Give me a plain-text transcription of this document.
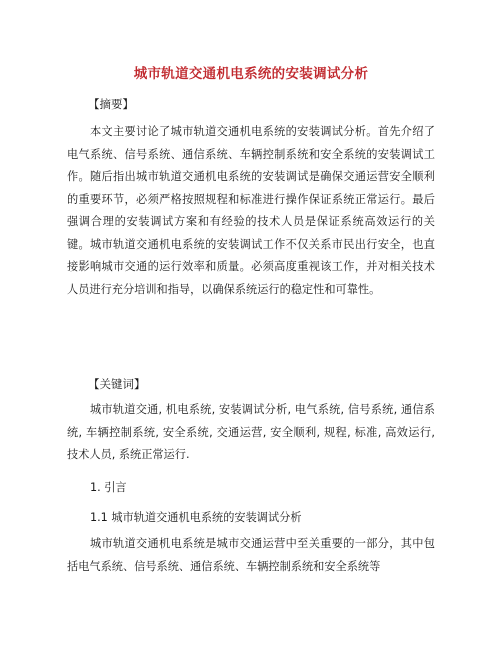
城市轨道交通机电系统的安装调试分析
【摘要】
本文主要讨论了城市轨道交通机电系统的安装调试分析。首先介绍了电气系统、信号系统、通信系统、车辆控制系统和安全系统的安装调试工作。随后指出城市轨道交通机电系统的安装调试是确保交通运营安全顺利的重要环节，必须严格按照规程和标准进行操作保证系统正常运行。最后强调合理的安装调试方案和有经验的技术人员是保证系统高效运行的关键。城市轨道交通机电系统的安装调试工作不仅关系市民出行安全，也直接影响城市交通的运行效率和质量。必须高度重视该工作，并对相关技术人员进行充分培训和指导，以确保系统运行的稳定性和可靠性。
【关键词】
城市轨道交通, 机电系统, 安装调试分析, 电气系统, 信号系统, 通信系统, 车辆控制系统, 安全系统, 交通运营, 安全顺利, 规程, 标准, 高效运行, 技术人员, 系统正常运行.
1. 引言
1.1 城市轨道交通机电系统的安装调试分析
城市轨道交通机电系统是城市交通运营中至关重要的一部分，其中包括电气系统、信号系统、通信系统、车辆控制系统和安全系统等
